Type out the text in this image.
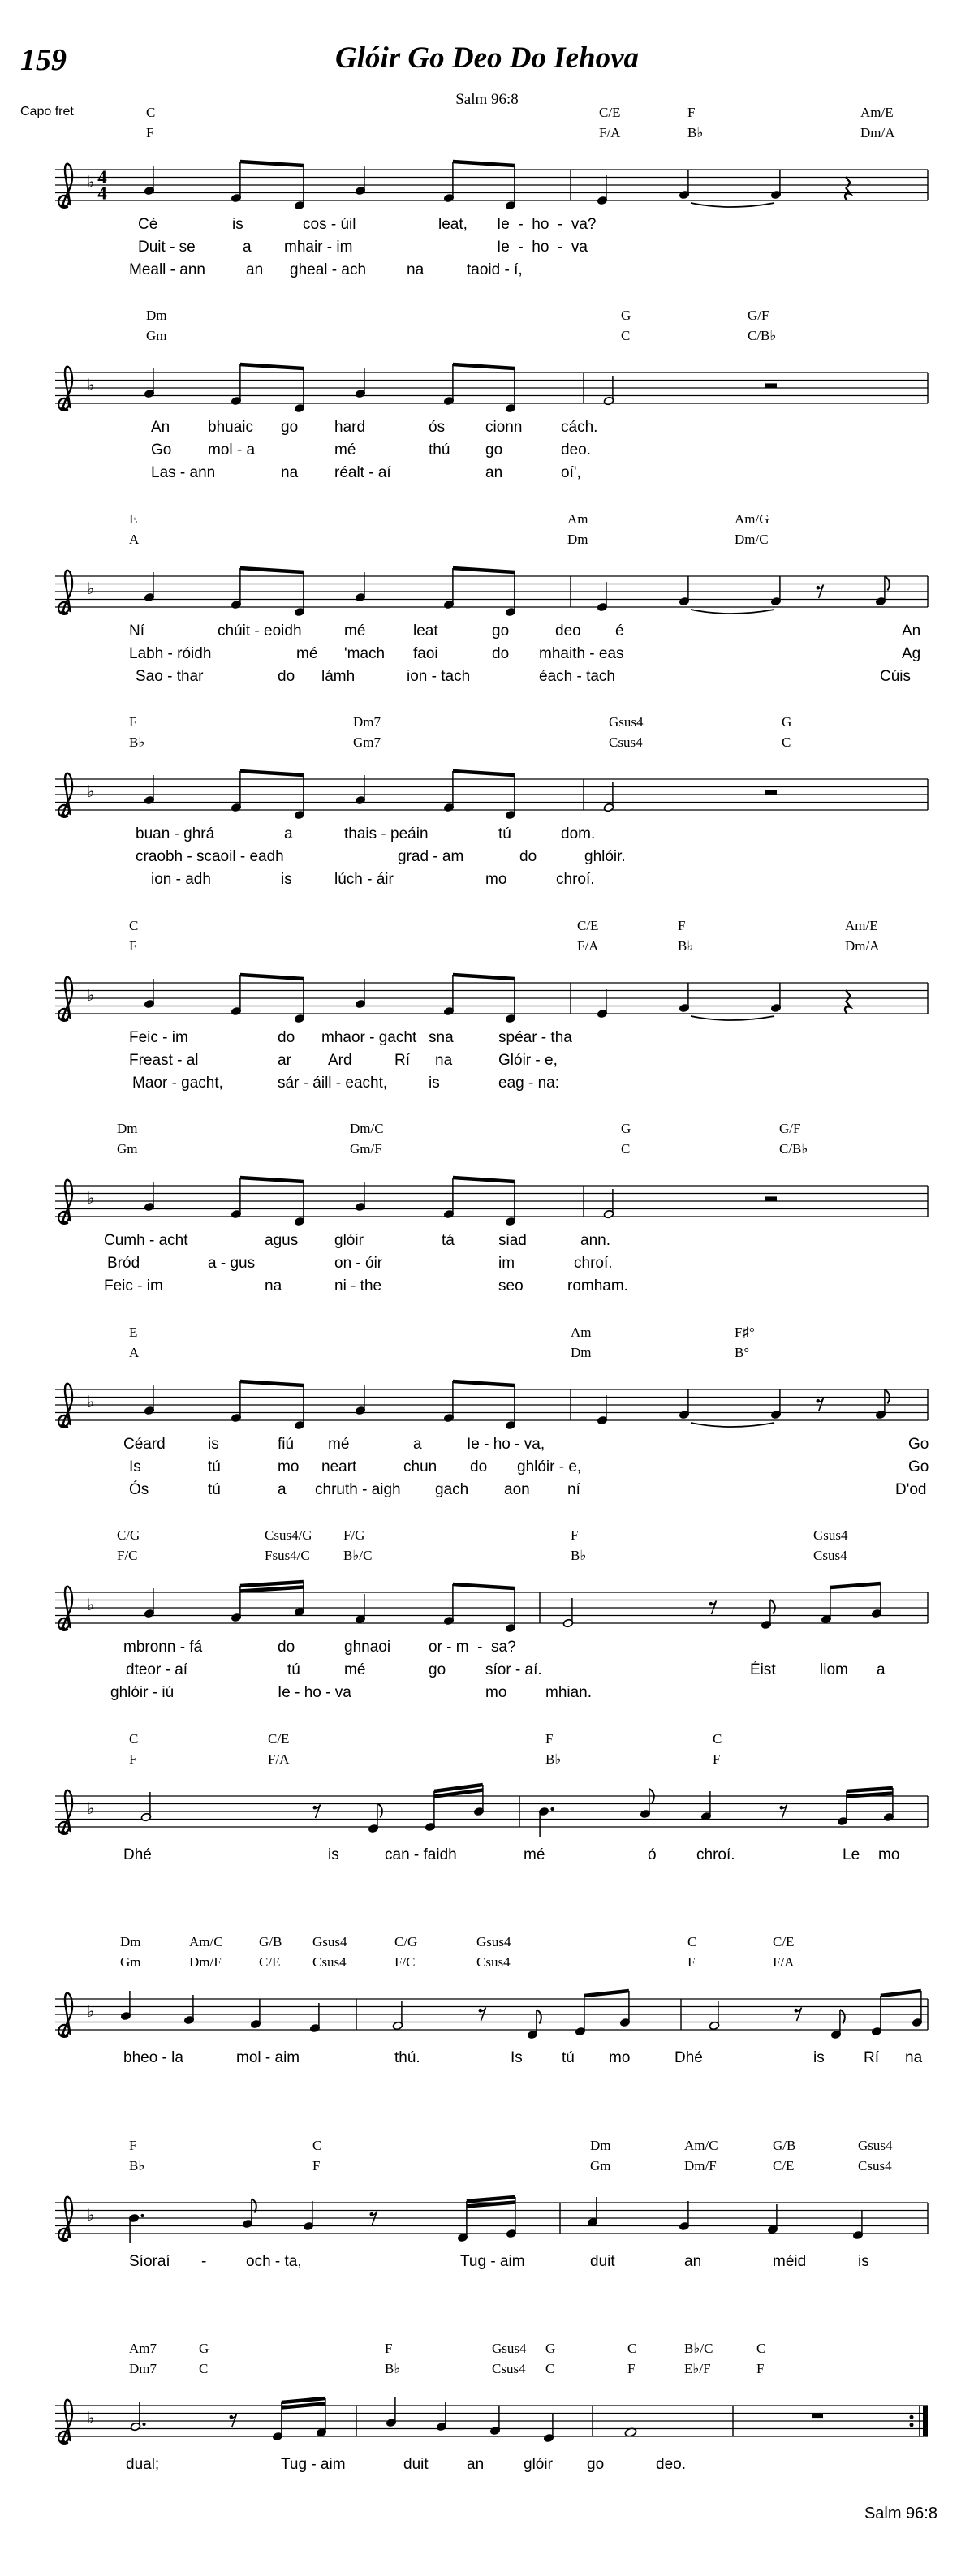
159	Glóir Go Deo Do Iehova
Salm 96:8
Capo fret	C
F
C/E
F/A
F
B♭
Am/E
Dm/A
Cé	is	cos - úil	leat, Ie  -  ho  -  va?
Duit - se	a mhair - im	Ie  -  ho  -  va
Meall - ann	an gheal - ach	na	taoid - í,
♭ 4
4
Dm
Gm
G
C
G/F
C/B♭
An bhuaic go hard	ós	cionn	cách.
Go mol - a	mé	thú go	deo.
Las - ann	na réalt - aí	an	oí',
♭
E
A
Am
Dm
Am/G
Dm/C
Ní	chúit - eoidh	mé	leat	go	deo é	An
Labh - róidh	mé 'mach faoi	do mhaith - eas	Ag
Sao - thar	do lámh	ion - tach	éach - tach	Cúis
♭
F
B♭
Dm7
Gm7
Gsus4
Csus4
G
C
buan - ghrá	a	thais - peáin	tú	dom.
craobh - scaoil - eadh	grad - am	do	ghlóir.
ion - adh	is	lúch - áir	mo	chroí.
♭
C
F
C/E
F/A
F
B♭
Am/E
Dm/A
Feic - im	do mhaor - gacht sna	spéar - tha
Freast - al	ar Ard	Rí na	Glóir - e,
Maor - gacht,	sár - áill - eacht,	is	eag - na:
♭
Dm
Gm
Dm/C
Gm/F
G
C
G/F
C/B♭
Cumh - acht	agus glóir	tá	siad	ann.
Bród	a - gus	on - óir	im	chroí.
Feic - im	na	ni - the	seo	romham.
♭
E
A
Am
Dm
F♯°
B°
Céard	is	fiú mé	a	Ie - ho - va,	Go
Is	tú	mo neart	chun do ghlóir - e,	Go
Ós	tú	a chruth - aigh gach aon ní	D'od
♭
C/G
F/C
Csus4/G
Fsus4/C
F/G
B♭/C
F
B♭
Gsus4
Csus4
mbronn - fá	do	ghnaoi or - m  -  sa?
dteor - aí	tú	mé	go	síor - aí.	Éist	liom a
ghlóir - iú	Ie - ho - va	mo	mhian.
♭
C
F
C/E
F/A
F
B♭
C
F
Dhé	is	can - faidh	mé	ó	chroí.	Le mo
♭
Dm
Gm
Am/C
Dm/F
G/B
C/E
Gsus4
Csus4
C/G
F/C
Gsus4
Csus4
C
F
C/E
F/A
bheo - la	mol - aim	thú.	Is	tú mo	Dhé	is	Rí na
♭
F
B♭
C
F
Dm
Gm
Am/C
Dm/F
G/B
C/E
Gsus4
Csus4
Síoraí -	och - ta,	Tug - aim	duit	an	méid	is
♭
Am7
Dm7
G
C
F
B♭
Gsus4
Csus4
G
C
C
F
B♭/C
E♭/F
C
F
dual;	Tug - aim	duit an	glóir go	deo.
♭
Salm 96:8
